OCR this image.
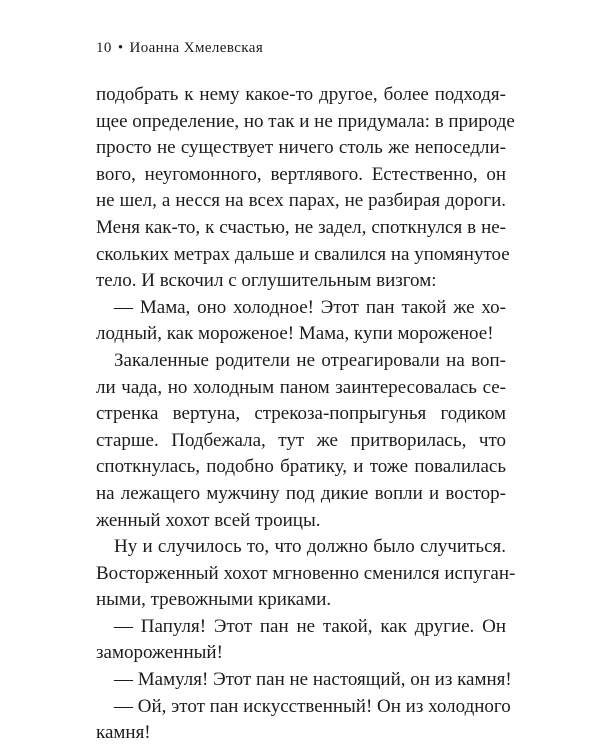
10 • Иоанна Хмелевская
подобрать к нему какое-то другое, более подходя-
щее определение, но так и не придумала: в природе
просто не существует ничего столь же непоседли-
вого, неугомонного, вертлявого. Естественно, он
не шел, а несся на всех парах, не разбирая дороги.
Меня как-то, к счастью, не задел, споткнулся в не-
скольких метрах дальше и свалился на упомянутое
тело. И вскочил с оглушительным визгом:
— Мама, оно холодное! Этот пан такой же хо-
лодный, как мороженое! Мама, купи мороженое!
Закаленные родители не отреагировали на воп-
ли чада, но холодным паном заинтересовалась се-
стренка вертуна, стрекоза-попрыгунья годиком
старше. Подбежала, тут же притворилась, что
споткнулась, подобно братику, и тоже повалилась
на лежащего мужчину под дикие вопли и востор-
женный хохот всей троицы.
Ну и случилось то, что должно было случиться.
Восторженный хохот мгновенно сменился испуган-
ными, тревожными криками.
— Папуля! Этот пан не такой, как другие. Он
замороженный!
— Мамуля! Этот пан не настоящий, он из камня!
— Ой, этот пан искусственный! Он из холодного
камня!
